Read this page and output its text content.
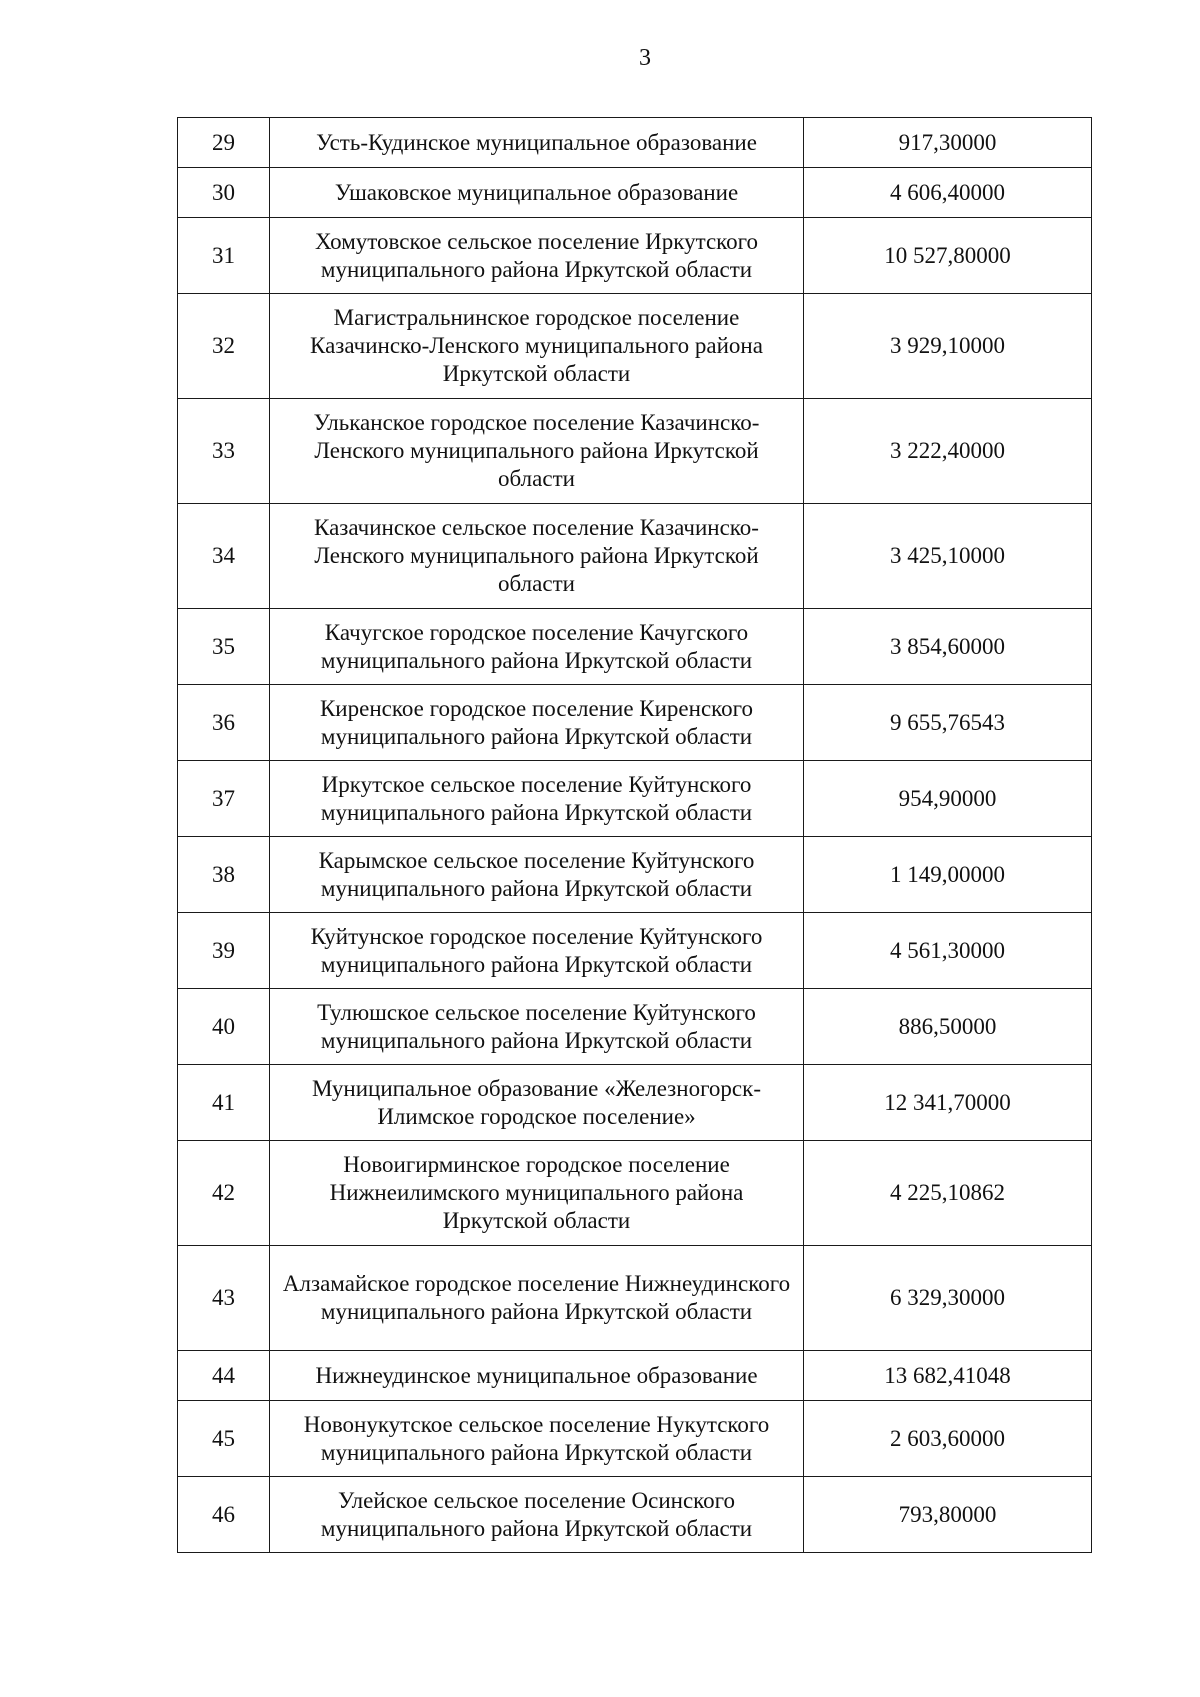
3
29	Усть-Кудинское муниципальное образование	917,30000
30	Ушаковское муниципальное образование	4 606,40000
31	Хомутовское сельское поселение Иркутского муниципального района Иркутской области	10 527,80000
32	Магистральнинское городское поселение Казачинско-Ленского муниципального района Иркутской области	3 929,10000
33	Ульканское городское поселение Казачинско-Ленского муниципального района Иркутской области	3 222,40000
34	Казачинское сельское поселение Казачинско-Ленского муниципального района Иркутской области	3 425,10000
35	Качугское городское поселение Качугского муниципального района Иркутской области	3 854,60000
36	Киренское городское поселение Киренского муниципального района Иркутской области	9 655,76543
37	Иркутское сельское поселение Куйтунского муниципального района Иркутской области	954,90000
38	Карымское сельское поселение Куйтунского муниципального района Иркутской области	1 149,00000
39	Куйтунское городское поселение Куйтунского муниципального района Иркутской области	4 561,30000
40	Тулюшское сельское поселение Куйтунского муниципального района Иркутской области	886,50000
41	Муниципальное образование «Железногорск-Илимское городское поселение»	12 341,70000
42	Новоигирминское городское поселение Нижнеилимского муниципального района Иркутской области	4 225,10862
43	Алзамайское городское поселение Нижнеудинского муниципального района Иркутской области	6 329,30000
44	Нижнеудинское муниципальное образование	13 682,41048
45	Новонукутское сельское поселение Нукутского муниципального района Иркутской области	2 603,60000
46	Улейское сельское поселение Осинского муниципального района Иркутской области	793,80000
